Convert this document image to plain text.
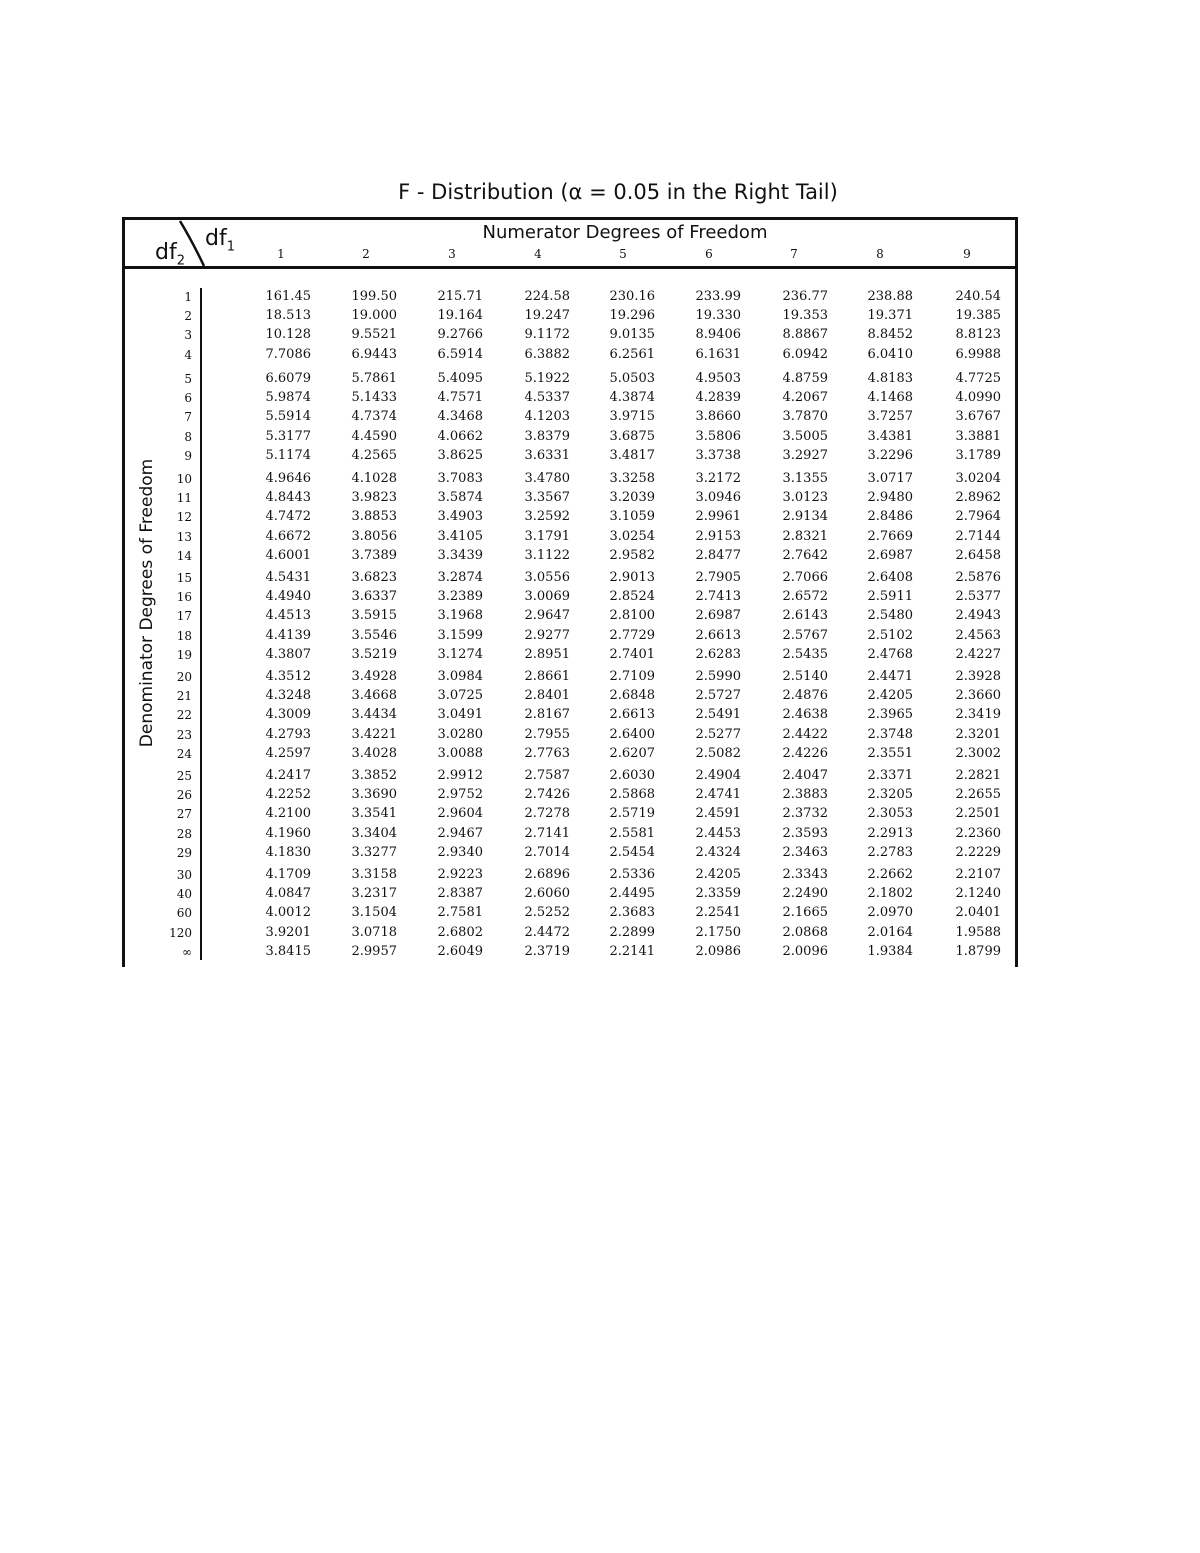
F - Distribution (α = 0.05 in the Right Tail)
$df_2$
$df_1$
Numerator Degrees of Freedom
Denominator Degrees of Freedom
1	2	3	4	5	6	7	8	9
1	161.45	199.50	215.71	224.58	230.16	233.99	236.77	238.88	240.54
2	18.513	19.000	19.164	19.247	19.296	19.330	19.353	19.371	19.385
3	10.128	9.5521	9.2766	9.1172	9.0135	8.9406	8.8867	8.8452	8.8123
4	7.7086	6.9443	6.5914	6.3882	6.2561	6.1631	6.0942	6.0410	6.9988
5	6.6079	5.7861	5.4095	5.1922	5.0503	4.9503	4.8759	4.8183	4.7725
6	5.9874	5.1433	4.7571	4.5337	4.3874	4.2839	4.2067	4.1468	4.0990
7	5.5914	4.7374	4.3468	4.1203	3.9715	3.8660	3.7870	3.7257	3.6767
8	5.3177	4.4590	4.0662	3.8379	3.6875	3.5806	3.5005	3.4381	3.3881
9	5.1174	4.2565	3.8625	3.6331	3.4817	3.3738	3.2927	3.2296	3.1789
10	4.9646	4.1028	3.7083	3.4780	3.3258	3.2172	3.1355	3.0717	3.0204
11	4.8443	3.9823	3.5874	3.3567	3.2039	3.0946	3.0123	2.9480	2.8962
12	4.7472	3.8853	3.4903	3.2592	3.1059	2.9961	2.9134	2.8486	2.7964
13	4.6672	3.8056	3.4105	3.1791	3.0254	2.9153	2.8321	2.7669	2.7144
14	4.6001	3.7389	3.3439	3.1122	2.9582	2.8477	2.7642	2.6987	2.6458
15	4.5431	3.6823	3.2874	3.0556	2.9013	2.7905	2.7066	2.6408	2.5876
16	4.4940	3.6337	3.2389	3.0069	2.8524	2.7413	2.6572	2.5911	2.5377
17	4.4513	3.5915	3.1968	2.9647	2.8100	2.6987	2.6143	2.5480	2.4943
18	4.4139	3.5546	3.1599	2.9277	2.7729	2.6613	2.5767	2.5102	2.4563
19	4.3807	3.5219	3.1274	2.8951	2.7401	2.6283	2.5435	2.4768	2.4227
20	4.3512	3.4928	3.0984	2.8661	2.7109	2.5990	2.5140	2.4471	2.3928
21	4.3248	3.4668	3.0725	2.8401	2.6848	2.5727	2.4876	2.4205	2.3660
22	4.3009	3.4434	3.0491	2.8167	2.6613	2.5491	2.4638	2.3965	2.3419
23	4.2793	3.4221	3.0280	2.7955	2.6400	2.5277	2.4422	2.3748	2.3201
24	4.2597	3.4028	3.0088	2.7763	2.6207	2.5082	2.4226	2.3551	2.3002
25	4.2417	3.3852	2.9912	2.7587	2.6030	2.4904	2.4047	2.3371	2.2821
26	4.2252	3.3690	2.9752	2.7426	2.5868	2.4741	2.3883	2.3205	2.2655
27	4.2100	3.3541	2.9604	2.7278	2.5719	2.4591	2.3732	2.3053	2.2501
28	4.1960	3.3404	2.9467	2.7141	2.5581	2.4453	2.3593	2.2913	2.2360
29	4.1830	3.3277	2.9340	2.7014	2.5454	2.4324	2.3463	2.2783	2.2229
30	4.1709	3.3158	2.9223	2.6896	2.5336	2.4205	2.3343	2.2662	2.2107
40	4.0847	3.2317	2.8387	2.6060	2.4495	2.3359	2.2490	2.1802	2.1240
60	4.0012	3.1504	2.7581	2.5252	2.3683	2.2541	2.1665	2.0970	2.0401
120	3.9201	3.0718	2.6802	2.4472	2.2899	2.1750	2.0868	2.0164	1.9588
∞	3.8415	2.9957	2.6049	2.3719	2.2141	2.0986	2.0096	1.9384	1.8799
